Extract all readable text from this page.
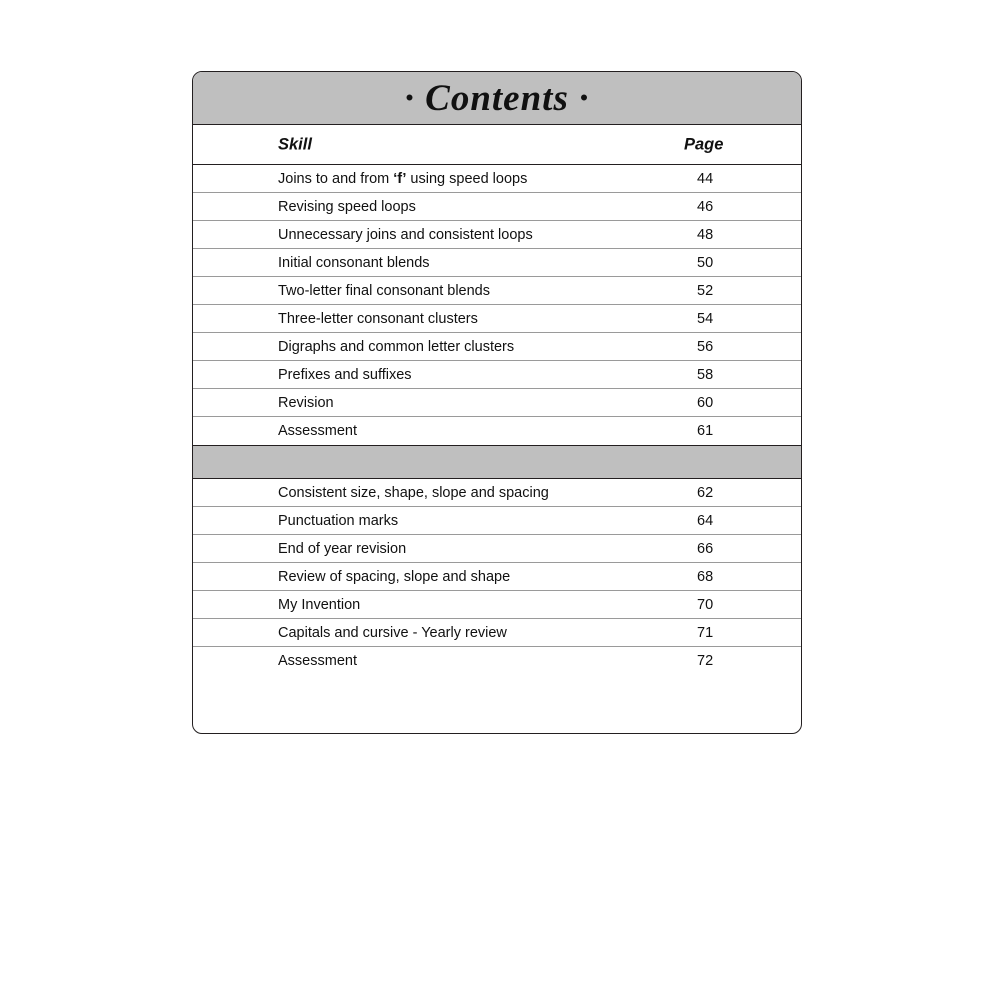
· Contents ·
Skill	Page
Joins to and from ‘f’ using speed loops	44
Revising speed loops	46
Unnecessary joins and consistent loops	48
Initial consonant blends	50
Two-letter final consonant blends	52
Three-letter consonant clusters	54
Digraphs and common letter clusters	56
Prefixes and suffixes	58
Revision	60
Assessment	61
Consistent size, shape, slope and spacing	62
Punctuation marks	64
End of year revision	66
Review of spacing, slope and shape	68
My Invention	70
Capitals and cursive - Yearly review	71
Assessment	72
